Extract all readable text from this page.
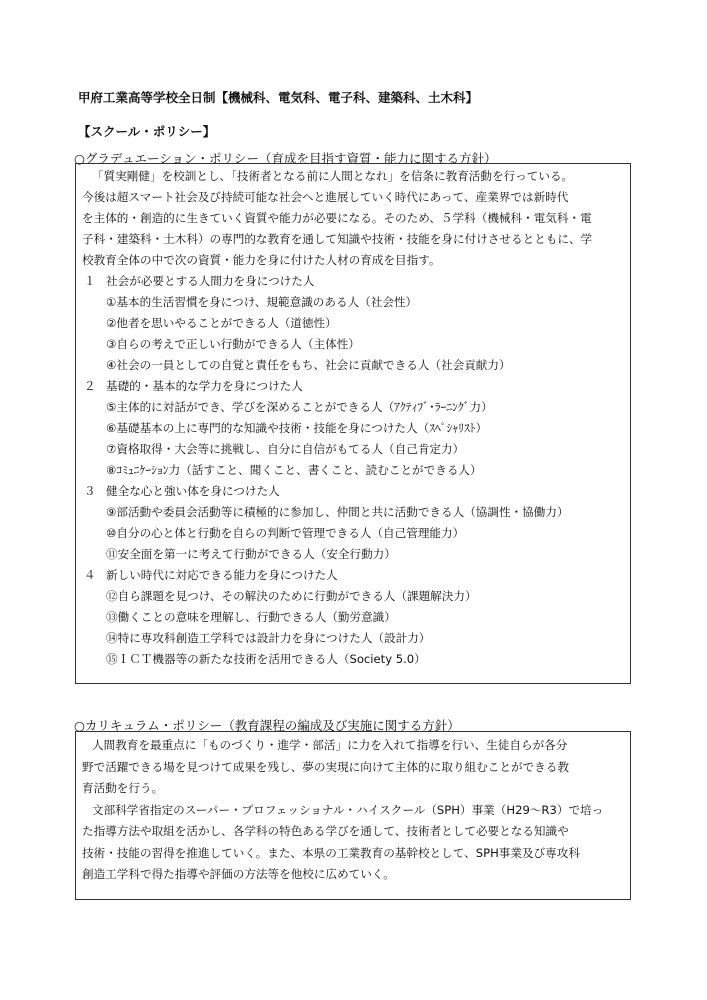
甲府工業高等学校全日制【機械科、電気科、電子科、建築科、土木科】
【スクール・ポリシー】
○グラデュエーション・ポリシー（育成を目指す資質・能力に関する方針）
「質実剛健」を校訓とし、「技術者となる前に人間となれ」を信条に教育活動を行っている。
今後は超スマート社会及び持続可能な社会へと進展していく時代にあって、産業界では新時代
を主体的・創造的に生きていく資質や能力が必要になる。そのため、５学科（機械科・電気科・電
子科・建築科・土木科）の専門的な教育を通して知識や技術・技能を身に付けさせるとともに、学
校教育全体の中で次の資質・能力を身に付けた人材の育成を目指す。
１ 社会が必要とする人間力を身につけた人
①基本的生活習慣を身につけ、規範意識のある人（社会性）
②他者を思いやることができる人（道徳性）
③自らの考えで正しい行動ができる人（主体性）
④社会の一員としての自覚と責任をもち、社会に貢献できる人（社会貢献力）
２ 基礎的・基本的な学力を身につけた人
⑤主体的に対話ができ、学びを深めることができる人（ｱｸﾃｨﾌﾞ･ﾗｰﾆﾝｸﾞ力）
⑥基礎基本の上に専門的な知識や技術・技能を身につけた人（ｽﾍﾟｼｬﾘｽﾄ）
⑦資格取得・大会等に挑戦し、自分に自信がもてる人（自己肯定力）
⑧ｺﾐｭﾆｹｰｼｮﾝ力（話すこと、聞くこと、書くこと、読むことができる人）
３ 健全な心と強い体を身につけた人
⑨部活動や委員会活動等に積極的に参加し、仲間と共に活動できる人（協調性・協働力）
⑩自分の心と体と行動を自らの判断で管理できる人（自己管理能力）
⑪安全面を第一に考えて行動ができる人（安全行動力）
４ 新しい時代に対応できる能力を身につけた人
⑫自ら課題を見つけ、その解決のために行動ができる人（課題解決力）
⑬働くことの意味を理解し、行動できる人（勤労意識）
⑭特に専攻科創造工学科では設計力を身につけた人（設計力）
⑮ＩＣＴ機器等の新たな技術を活用できる人（Society 5.0）
○カリキュラム・ポリシー（教育課程の編成及び実施に関する方針）
人間教育を最重点に「ものづくり・進学・部活」に力を入れて指導を行い、生徒自らが各分
野で活躍できる場を見つけて成果を残し、夢の実現に向けて主体的に取り組むことができる教
育活動を行う。
文部科学省指定のスーパー・プロフェッショナル・ハイスクール（SPH）事業（H29～R3）で培っ
た指導方法や取組を活かし、各学科の特色ある学びを通して、技術者として必要となる知識や
技術・技能の習得を推進していく。また、本県の工業教育の基幹校として、SPH事業及び専攻科
創造工学科で得た指導や評価の方法等を他校に広めていく。
